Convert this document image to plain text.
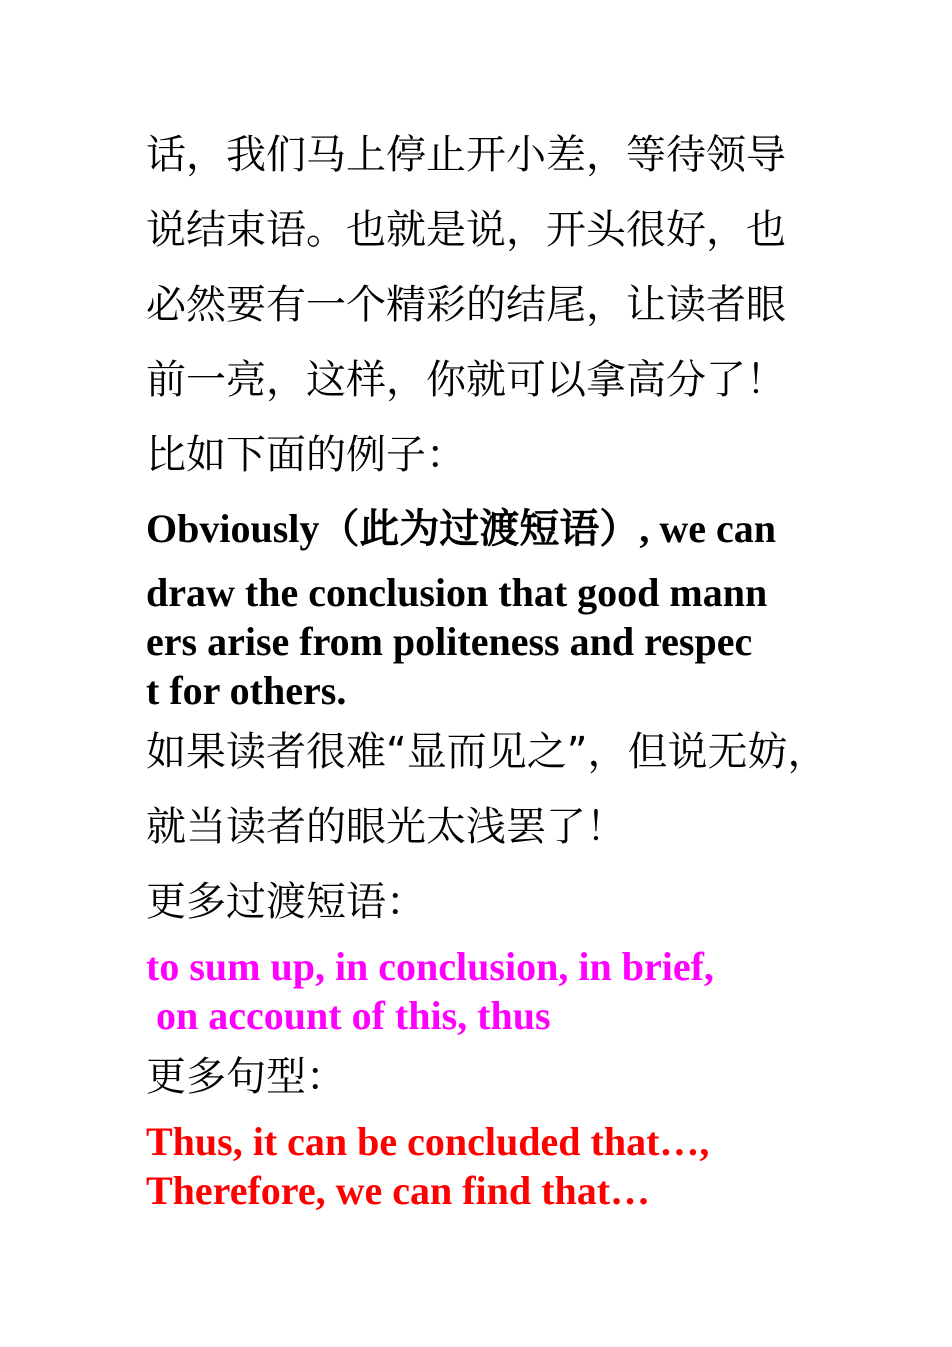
话，我们马上停止开小差，等待领导
说结束语。也就是说，开头很好，也
必然要有一个精彩的结尾，让读者眼
前一亮，这样，你就可以拿高分了！
比如下面的例子：
Obviously（此为过渡短语）, we can
draw the conclusion that good mann
ers arise from politeness and respec
t for others.
如果读者很难“显而见之”，但说无妨，
就当读者的眼光太浅罢了！
更多过渡短语：
to sum up, in conclusion, in brief,
on account of this, thus
更多句型：
Thus, it can be concluded that…,
Therefore, we can find that…
